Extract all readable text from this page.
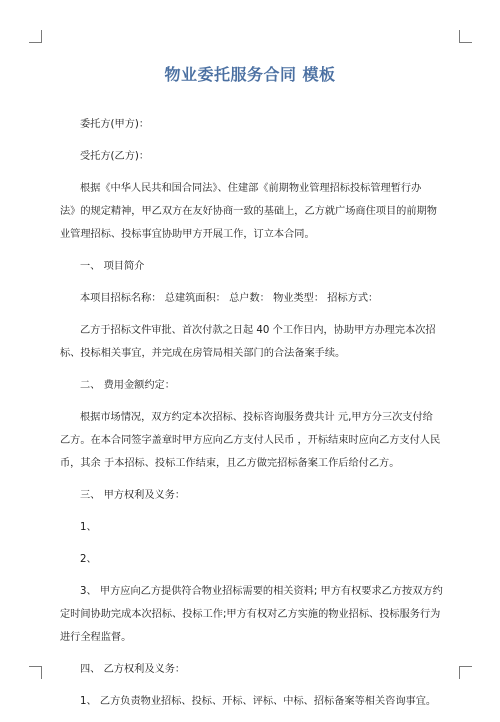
物业委托服务合同 模板

委托方(甲方)：

受托方(乙方)：

根据《中华人民共和国合同法》、住建部《前期物业管理招标投标管理暂行办
法》的规定精神，甲乙双方在友好协商一致的基础上，乙方就广场商住项目的前期物
业管理招标、投标事宜协助甲方开展工作，订立本合同。

一、 项目简介

本项目招标名称： 总建筑面积： 总户数： 物业类型： 招标方式：

乙方于招标文件审批、首次付款之日起 40 个工作日内，协助甲方办理完本次招
标、投标相关事宜，并完成在房管局相关部门的合法备案手续。

二、 费用金额约定：

根据市场情况，双方约定本次招标、投标咨询服务费共计 元,甲方分三次支付给
乙方。在本合同签字盖章时甲方应向乙方支付人民币 ，开标结束时应向乙方支付人民
币，其余 于本招标、投标工作结束，且乙方做完招标备案工作后给付乙方。

三、 甲方权利及义务：

1、

2、

3、 甲方应向乙方提供符合物业招标需要的相关资料; 甲方有权要求乙方按双方约
定时间协助完成本次招标、投标工作;甲方有权对乙方实施的物业招标、投标服务行为
进行全程监督。

四、 乙方权利及义务：

1、 乙方负责物业招标、投标、开标、评标、中标、招标备案等相关咨询事宜。
